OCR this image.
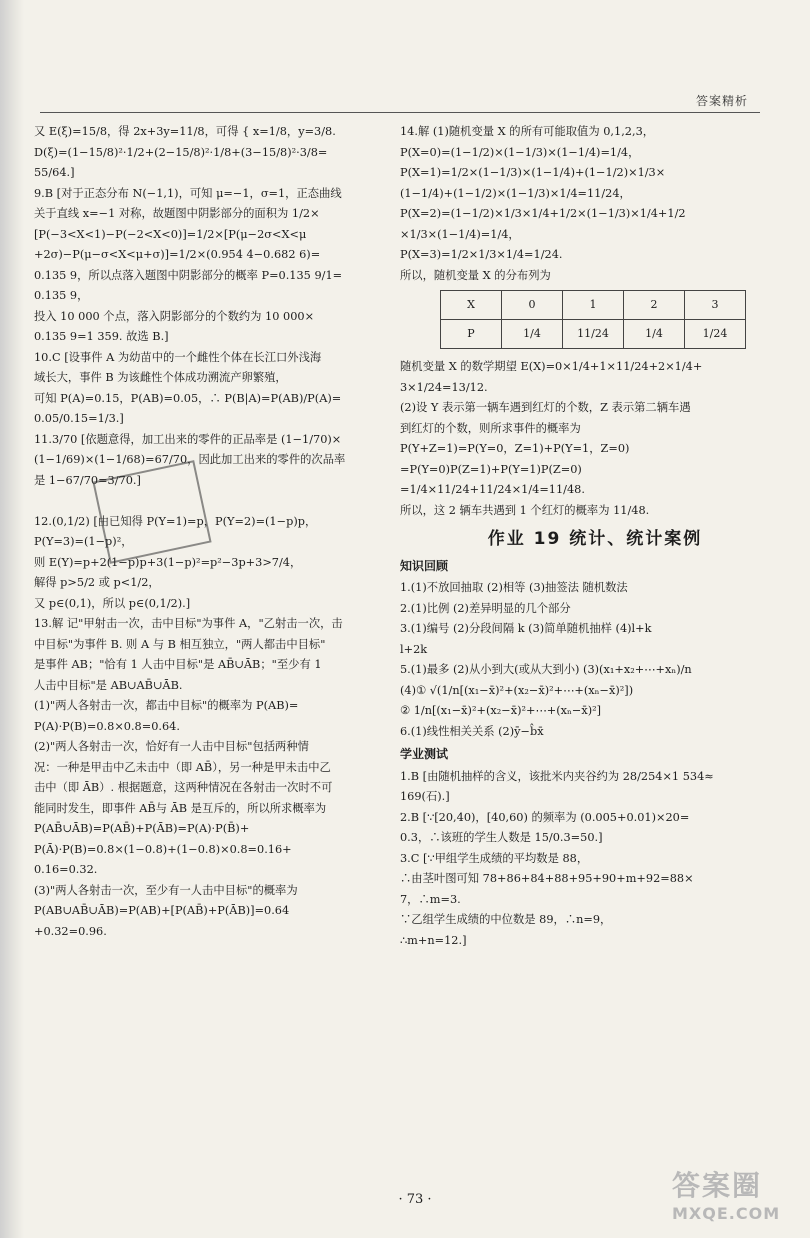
答案精析
又 E(ξ)=15/8，得 2x+3y=11/8，可得 { x=1/8，y=3/8.
D(ξ)=(1−15/8)²·1/2+(2−15/8)²·1/8+(3−15/8)²·3/8=
55/64.]
9.B [对于正态分布 N(−1,1)，可知 μ=−1，σ=1，正态曲线
关于直线 x=−1 对称，故题图中阴影部分的面积为 1/2×
[P(−3<X<1)−P(−2<X<0)]=1/2×[P(μ−2σ<X<μ
+2σ)−P(μ−σ<X<μ+σ)]=1/2×(0.954 4−0.682 6)=
0.135 9，所以点落入题图中阴影部分的概率 P=0.135 9/1=
0.135 9，
投入 10 000 个点，落入阴影部分的个数约为 10 000×
0.135 9=1 359. 故选 B.]
10.C [设事件 A 为幼苗中的一个雌性个体在长江口外浅海
域长大，事件 B 为该雌性个体成功溯流产卵繁殖，
可知 P(A)=0.15，P(AB)=0.05，∴ P(B|A)=P(AB)/P(A)=
0.05/0.15=1/3.]
11.3/70 [依题意得，加工出来的零件的正品率是 (1−1/70)×
(1−1/69)×(1−1/68)=67/70，因此加工出来的零件的次品率
是 1−67/70=3/70.]

12.(0,1/2) [由已知得 P(Y=1)=p，P(Y=2)=(1−p)p，
P(Y=3)=(1−p)²，
则 E(Y)=p+2(1−p)p+3(1−p)²=p²−3p+3>7/4，
解得 p>5/2 或 p<1/2，
又 p∈(0,1)，所以 p∈(0,1/2).]
13.解 记"甲射击一次，击中目标"为事件 A，"乙射击一次，击
中目标"为事件 B. 则 A 与 B 相互独立，"两人都击中目标"
是事件 AB；"恰有 1 人击中目标"是 AB̄∪ĀB；"至少有 1
人击中目标"是 AB∪AB̄∪ĀB.
(1)"两人各射击一次，都击中目标"的概率为 P(AB)=
P(A)·P(B)=0.8×0.8=0.64.
(2)"两人各射击一次，恰好有一人击中目标"包括两种情
况：一种是甲击中乙未击中（即 AB̄），另一种是甲未击中乙
击中（即 ĀB）. 根据题意，这两种情况在各射击一次时不可
能同时发生，即事件 AB̄与 ĀB 是互斥的，所以所求概率为
P(AB̄∪ĀB)=P(AB̄)+P(ĀB)=P(A)·P(B̄)+
P(Ā)·P(B)=0.8×(1−0.8)+(1−0.8)×0.8=0.16+
0.16=0.32.
(3)"两人各射击一次，至少有一人击中目标"的概率为
P(AB∪AB̄∪ĀB)=P(AB)+[P(AB̄)+P(ĀB)]=0.64
+0.32=0.96.
14.解 (1)随机变量 X 的所有可能取值为 0,1,2,3，
P(X=0)=(1−1/2)×(1−1/3)×(1−1/4)=1/4，
P(X=1)=1/2×(1−1/3)×(1−1/4)+(1−1/2)×1/3×
(1−1/4)+(1−1/2)×(1−1/3)×1/4=11/24，
P(X=2)=(1−1/2)×1/3×1/4+1/2×(1−1/3)×1/4+1/2
×1/3×(1−1/4)=1/4，
P(X=3)=1/2×1/3×1/4=1/24.
所以，随机变量 X 的分布列为
X	0	1	2	3
P	1/4	11/24	1/4	1/24
随机变量 X 的数学期望 E(X)=0×1/4+1×11/24+2×1/4+
3×1/24=13/12.
(2)设 Y 表示第一辆车遇到红灯的个数，Z 表示第二辆车遇
到红灯的个数，则所求事件的概率为
P(Y+Z=1)=P(Y=0，Z=1)+P(Y=1，Z=0)
=P(Y=0)P(Z=1)+P(Y=1)P(Z=0)
=1/4×11/24+11/24×1/4=11/48.
所以，这 2 辆车共遇到 1 个红灯的概率为 11/48.
作业 19 统计、统计案例
知识回顾
1.(1)不放回抽取 (2)相等 (3)抽签法 随机数法
2.(1)比例 (2)差异明显的几个部分
3.(1)编号 (2)分段间隔 k (3)简单随机抽样 (4)l+k
l+2k
5.(1)最多 (2)从小到大(或从大到小) (3)(x₁+x₂+⋯+xₙ)/n
(4)① √(1/n[(x₁−x̄)²+(x₂−x̄)²+⋯+(xₙ−x̄)²])
② 1/n[(x₁−x̄)²+(x₂−x̄)²+⋯+(xₙ−x̄)²]
6.(1)线性相关关系 (2)ȳ−b̂x̄
学业测试
1.B [由随机抽样的含义，该批米内夹谷约为 28/254×1 534≈
169(石).]
2.B [∵[20,40)，[40,60) 的频率为 (0.005+0.01)×20=
0.3，∴该班的学生人数是 15/0.3=50.]
3.C [∵甲组学生成绩的平均数是 88，
∴由茎叶图可知 78+86+84+88+95+90+m+92=88×
7，∴m=3.
∵乙组学生成绩的中位数是 89，∴n=9，
∴m+n=12.]
· 73 ·	答案圈
MXQE.COM
